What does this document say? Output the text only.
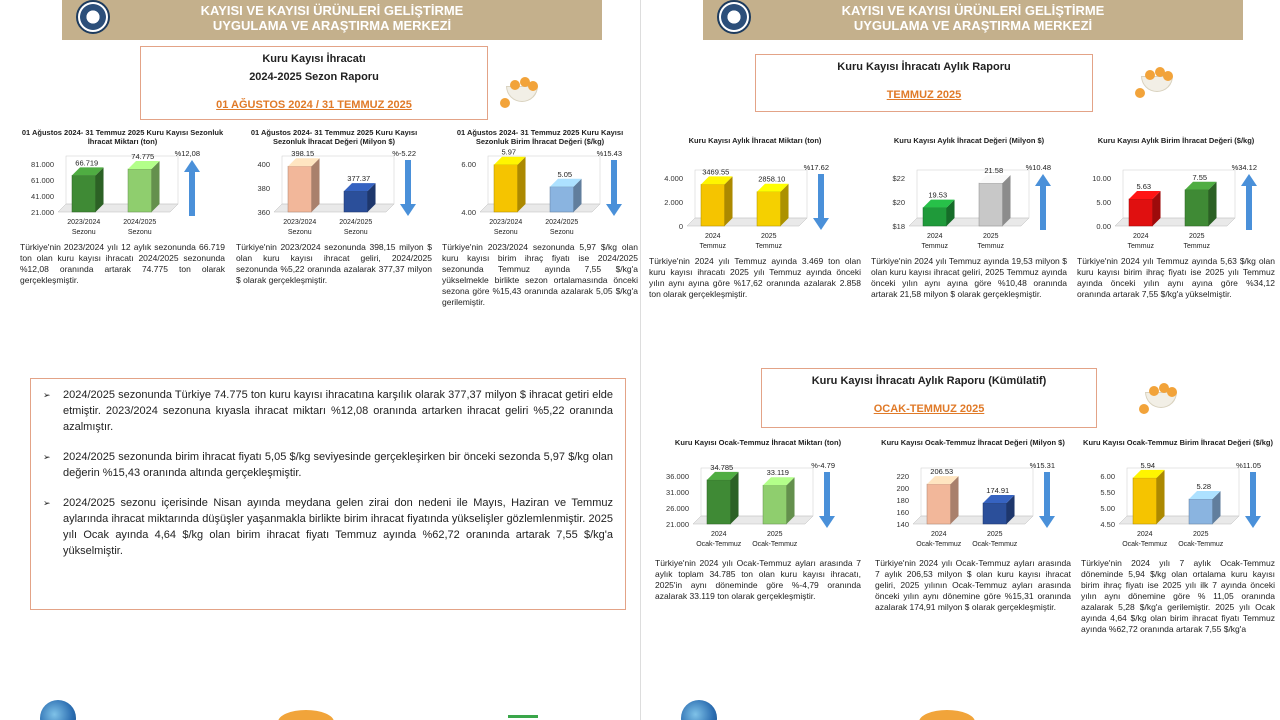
KAYISI VE KAYISI ÜRÜNLERİ GELİŞTİRME
UYGULAMA VE ARAŞTIRMA MERKEZİ
Kuru Kayısı İhracatı
2024-2025 Sezon Raporu
01 AĞUSTOS 2024 / 31 TEMMUZ 2025
01 Ağustos 2024- 31 Temmuz 2025 Kuru Kayısı Sezonluk İhracat Miktarı (ton)
81.000
61.000
41.000
21.000
66.719
2023/2024
Sezonu
74.775
2024/2025
Sezonu
%12,08
Türkiye'nin 2023/2024 yılı 12 aylık sezonunda 66.719 ton olan kuru kayısı ihracatı 2024/2025 sezonunda %12,08 oranında artarak 74.775 ton olarak gerçekleşmiştir.
01 Ağustos 2024- 31 Temmuz 2025 Kuru Kayısı Sezonluk İhracat Değeri (Milyon $)
400
380
360
398.15
2023/2024
Sezonu
377.37
2024/2025
Sezonu
%-5.22
Türkiye'nin 2023/2024 sezonunda 398,15 milyon $ olan kuru kayısı ihracat geliri, 2024/2025 sezonunda %5,22 oranında azalarak 377,37 milyon $ olarak gerçekleşmiştir.
01 Ağustos 2024- 31 Temmuz 2025 Kuru Kayısı Sezonluk Birim İhracat Değeri ($/kg)
6.00
4.00
5.97
2023/2024
Sezonu
5.05
2024/2025
Sezonu
%15.43
Türkiye'nin 2023/2024 sezonunda 5,97 $/kg olan kuru kayısı birim ihraç fiyatı ise 2024/2025 sezonunda Temmuz ayında 7,55 $/kg'a yükselmekle birlikte sezon ortalamasında önceki sezona göre %15,43 oranında azalarak 5,05 $/kg'a gerilemiştir.
➢	2024/2025 sezonunda Türkiye 74.775 ton kuru kayısı ihracatına karşılık olarak 377,37 milyon $ ihracat getiri elde etmiştir. 2023/2024 sezonuna kıyasla ihracat miktarı %12,08 oranında artarken ihracat geliri %5,22 oranında azalmıştır.
➢	2024/2025 sezonunda birim ihracat fiyatı 5,05 $/kg seviyesinde gerçekleşirken bir önceki sezonda 5,97 $/kg olan değerin %15,43 oranında altında gerçekleşmiştir.
➢	2024/2025 sezonu içerisinde Nisan ayında meydana gelen zirai don nedeni ile Mayıs, Haziran ve Temmuz aylarında ihracat miktarında düşüşler yaşanmakla birlikte birim ihracat fiyatında yükselişler gözlemlenmiştir. 2025 yılı Ocak ayında 4,64 $/kg olan birim ihracat fiyatı Temmuz ayında %62,72 oranında artarak 7,55 $/kg'a yükselmiştir.
KAYISI VE KAYISI ÜRÜNLERİ GELİŞTİRME
UYGULAMA VE ARAŞTIRMA MERKEZİ
Kuru Kayısı İhracatı Aylık Raporu
TEMMUZ 2025
Kuru Kayısı Aylık İhracat Miktarı (ton)
4.000
2.000
0
3469.55
2024
Temmuz
2858.10
2025
Temmuz
%17.62
Türkiye'nin 2024 yılı Temmuz ayında 3.469 ton olan kuru kayısı ihracatı 2025 yılı Temmuz ayında önceki yılın aynı ayına göre %17,62 oranında azalarak 2.858 ton olarak gerçekleşmiştir.
Kuru Kayısı Aylık İhracat Değeri (Milyon $)
$22
$20
$18
19.53
2024
Temmuz
21.58
2025
Temmuz
%10.48
Türkiye'nin 2024 yılı Temmuz ayında 19,53 milyon $ olan kuru kayısı ihracat geliri, 2025 Temmuz ayında önceki yılın aynı ayına göre %10,48 oranında artarak 21,58 milyon $ olarak gerçekleşmiştir.
Kuru Kayısı Aylık Birim İhracat Değeri ($/kg)
10.00
5.00
0.00
5.63
2024
Temmuz
7.55
2025
Temmuz
%34.12
Türkiye'nin 2024 yılı Temmuz ayında 5,63 $/kg olan kuru kayısı birim ihraç fiyatı ise 2025 yılı Temmuz ayında önceki yılın aynı ayına göre %34,12 oranında artarak 7,55 $/kg'a yükselmiştir.
Kuru Kayısı İhracatı Aylık Raporu (Kümülatif)
OCAK-TEMMUZ 2025
Kuru Kayısı Ocak-Temmuz İhracat Miktarı (ton)
36.000
31.000
26.000
21.000
34.785
2024
Ocak-Temmuz
33.119
2025
Ocak-Temmuz
%-4.79
Türkiye'nin 2024 yılı Ocak-Temmuz ayları arasında 7 aylık toplam 34.785 ton olan kuru kayısı ihracatı, 2025'in aynı döneminde göre %-4,79 oranında azalarak 33.119 ton olarak gerçekleşmiştir.
Kuru Kayısı Ocak-Temmuz İhracat Değeri (Milyon $)
220
200
180
160
140
206.53
2024
Ocak-Temmuz
174.91
2025
Ocak-Temmuz
%15.31
Türkiye'nin 2024 yılı Ocak-Temmuz ayları arasında 7 aylık 206,53 milyon $ olan kuru kayısı ihracat geliri, 2025 yılının Ocak-Temmuz ayları arasında önceki yılın aynı dönemine göre %15,31 oranında azalarak 174,91 milyon $ olarak gerçekleşmiştir.
Kuru Kayısı Ocak-Temmuz Birim İhracat Değeri ($/kg)
6.00
5.50
5.00
4.50
5.94
2024
Ocak-Temmuz
5.28
2025
Ocak-Temmuz
%11.05
Türkiye'nin 2024 yılı 7 aylık Ocak-Temmuz döneminde 5,94 $/kg olan ortalama kuru kayısı birim ihraç fiyatı ise 2025 yılı ilk 7 ayında önceki yılın aynı dönemine göre % 11,05 oranında azalarak 5,28 $/kg'a gerilemiştir. 2025 yılı Ocak ayında 4,64 $/kg olan birim ihracat fiyatı Temmuz ayında %62,72 oranında artarak 7,55 $/kg'a
